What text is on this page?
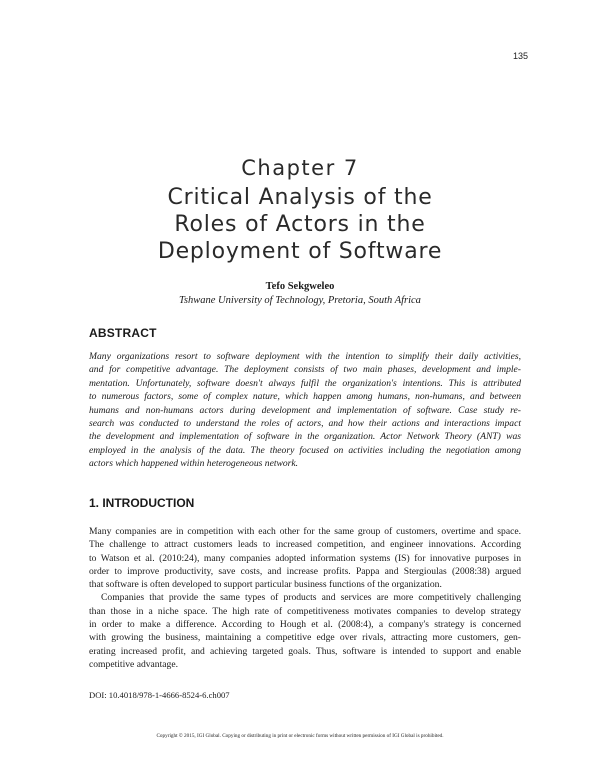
135
Chapter 7
Critical Analysis of the
Roles of Actors in the
Deployment of Software
Tefo Sekgweleo
Tshwane University of Technology, Pretoria, South Africa
ABSTRACT
Many organizations resort to software deployment with the intention to simplify their daily activities,
and for competitive advantage. The deployment consists of two main phases, development and imple-
mentation. Unfortunately, software doesn't always fulfil the organization's intentions. This is attributed
to numerous factors, some of complex nature, which happen among humans, non-humans, and between
humans and non-humans actors during development and implementation of software. Case study re-
search was conducted to understand the roles of actors, and how their actions and interactions impact
the development and implementation of software in the organization. Actor Network Theory (ANT) was
employed in the analysis of the data. The theory focused on activities including the negotiation among
actors which happened within heterogeneous network.
1. INTRODUCTION
Many companies are in competition with each other for the same group of customers, overtime and space.
The challenge to attract customers leads to increased competition, and engineer innovations. According
to Watson et al. (2010:24), many companies adopted information systems (IS) for innovative purposes in
order to improve productivity, save costs, and increase profits. Pappa and Stergioulas (2008:38) argued
that software is often developed to support particular business functions of the organization.
Companies that provide the same types of products and services are more competitively challenging
than those in a niche space. The high rate of competitiveness motivates companies to develop strategy
in order to make a difference. According to Hough et al. (2008:4), a company's strategy is concerned
with growing the business, maintaining a competitive edge over rivals, attracting more customers, gen-
erating increased profit, and achieving targeted goals. Thus, software is intended to support and enable
competitive advantage.
DOI: 10.4018/978-1-4666-8524-6.ch007
Copyright © 2015, IGI Global. Copying or distributing in print or electronic forms without written permission of IGI Global is prohibited.
